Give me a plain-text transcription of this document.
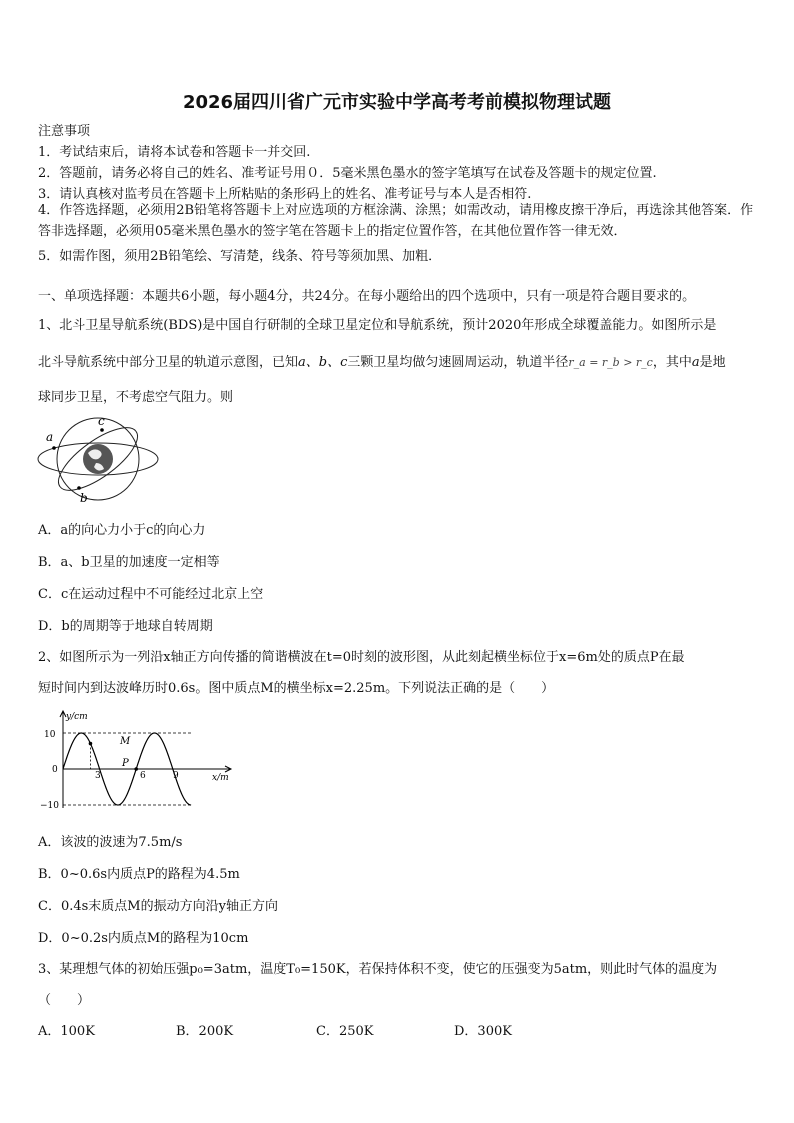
2026届四川省广元市实验中学高考考前模拟物理试题
注意事项
1．考试结束后，请将本试卷和答题卡一并交回.
2．答题前，请务必将自己的姓名、准考证号用０．5毫米黑色墨水的签字笔填写在试卷及答题卡的规定位置.
3．请认真核对监考员在答题卡上所粘贴的条形码上的姓名、准考证号与本人是否相符.
4．作答选择题，必须用2B铅笔将答题卡上对应选项的方框涂满、涂黑；如需改动，请用橡皮擦干净后，再选涂其他答案．作答非选择题，必须用05毫米黑色墨水的签字笔在答题卡上的指定位置作答，在其他位置作答一律无效．
5．如需作图，须用2B铅笔绘、写清楚，线条、符号等须加黑、加粗．
一、单项选择题：本题共6小题，每小题4分，共24分。在每小题给出的四个选项中，只有一项是符合题目要求的。
1、北斗卫星导航系统(BDS)是中国自行研制的全球卫星定位和导航系统，预计2020年形成全球覆盖能力。如图所示是
北斗导航系统中部分卫星的轨道示意图，已知a、b、c三颗卫星均做匀速圆周运动，轨道半径r_a = r_b > r_c，其中a是地
球同步卫星，不考虑空气阻力。则
a
c
b
A．a的向心力小于c的向心力
B．a、b卫星的加速度一定相等
C．c在运动过程中不可能经过北京上空
D．b的周期等于地球自转周期
2、如图所示为一列沿x轴正方向传播的简谐横波在t=0时刻的波形图，从此刻起横坐标位于x=6m处的质点P在最
短时间内到达波峰历时0.6s。图中质点M的横坐标x=2.25m。下列说法正确的是（　　）
y/cm
x/m
10
0
−10
3	6	9
P
M
A．该波的波速为7.5m/s
B．0~0.6s内质点P的路程为4.5m
C．0.4s末质点M的振动方向沿y轴正方向
D．0~0.2s内质点M的路程为10cm
3、某理想气体的初始压强p₀=3atm，温度T₀=150K，若保持体积不变，使它的压强变为5atm，则此时气体的温度为
（　　）
A．100K	B．200K	C．250K	D．300K
